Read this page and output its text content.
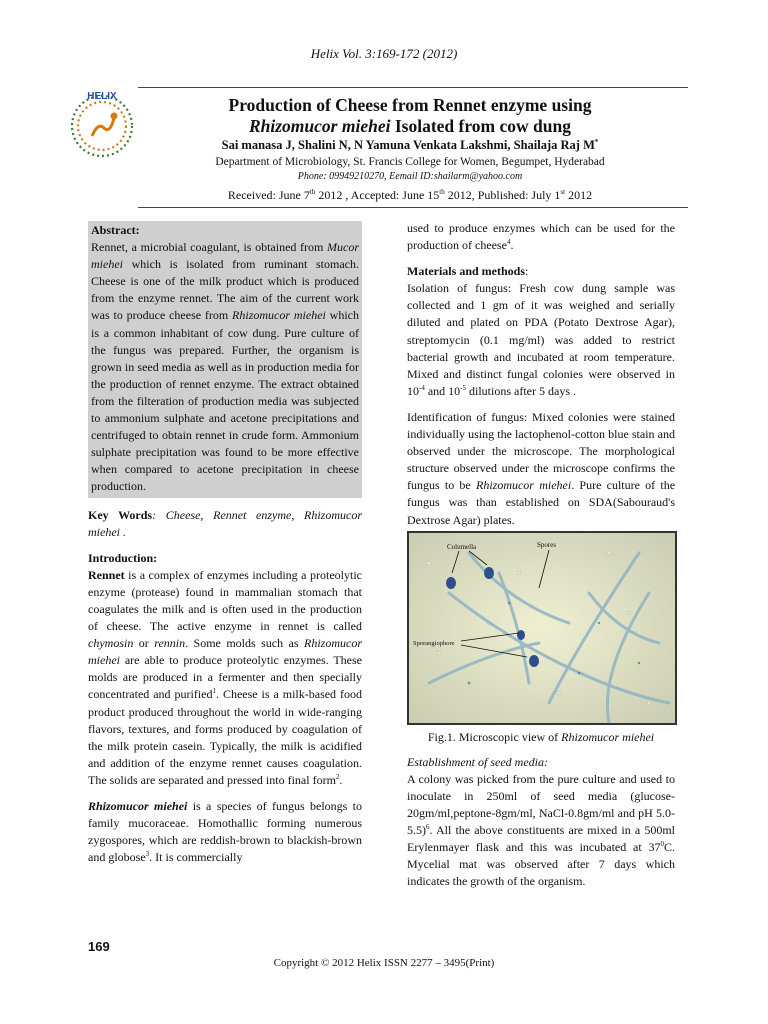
Helix Vol. 3:169-172 (2012)
HELIX	Production of Cheese from Rennet enzyme using
Rhizomucor miehei Isolated from cow dung
Sai manasa J, Shalini N, N Yamuna Venkata Lakshmi, Shailaja Raj M*
Department of Microbiology, St. Francis College for Women, Begumpet, Hyderabad
Phone: 09949210270, Eemail ID:shailarm@yahoo.com
Received: June 7th 2012 , Accepted: June 15th 2012, Published: July 1st 2012
Abstract:
Rennet, a microbial coagulant, is obtained from Mucor miehei which is isolated from ruminant stomach. Cheese is one of the milk product which is produced from the enzyme rennet. The aim of the current work was to produce cheese from Rhizomucor miehei which is a common inhabitant of cow dung. Pure culture of the fungus was prepared. Further, the organism is grown in seed media as well as in production media for the production of rennet enzyme. The extract obtained from the filteration of production media was subjected to ammonium sulphate and acetone precipitations and centrifuged to obtain rennet in crude form. Ammonium sulphate precipitation was found to be more effective when compared to acetone precipitation in cheese production.

Key Words: Cheese, Rennet enzyme, Rhizomucor miehei .

Introduction:

Rennet is a complex of enzymes including a proteolytic enzyme (protease) found in mammalian stomach that coagulates the milk and is often used in the production of cheese. The active enzyme in rennet is called chymosin or rennin. Some molds such as Rhizomucor miehei are able to produce proteolytic enzymes. These molds are produced in a fermenter and then specially concentrated and purified$^1$. Cheese is a milk-based food product produced throughout the world in wide-ranging flavors, textures, and forms produced by coagulation of the milk protein casein. Typically, the milk is acidified and addition of the enzyme rennet causes coagulation. The solids are separated and pressed into final form$^2$.

Rhizomucor miehei is a species of fungus belongs to family mucoraceae. Homothallic forming numerous zygospores, which are reddish-brown to blackish-brown and globose$^3$. It is commercially

used to produce enzymes which can be used for the production of cheese$^4$.

Materials and methods:

Isolation of fungus: Fresh cow dung sample was collected and 1 gm of it was weighed and serially diluted and plated on PDA (Potato Dextrose Agar), streptomycin (0.1 mg/ml) was added to restrict bacterial growth and incubated at room temperature. Mixed and distinct fungal colonies were observed in $10^{-4}$ and $10^{-5}$ dilutions after 5 days .

Identification of fungus: Mixed colonies were stained individually using the lactophenol-cotton blue stain and observed under the microscope. The morphological structure observed under the microscope confirms the fungus to be Rhizomucor miehei. Pure culture of the fungus was than established on SDA(Sabouraud's Dextrose Agar) plates.

Columella	Spores
Sporangiophore
Fig.1. Microscopic view of Rhizomucor miehei
Establishment of seed media:

A colony was picked from the pure culture and used to inoculate in 250ml of seed media (glucose-20gm/ml,peptone-8gm/ml, NaCl-0.8gm/ml and pH 5.0-5.5)$^6$. All the above constituents are mixed in a 500ml Erylenmayer flask and this was incubated at $37^0C$. Mycelial mat was observed after 7 days which indicates the growth of the organism.

169
Copyright © 2012 Helix ISSN 2277 – 3495(Print)
